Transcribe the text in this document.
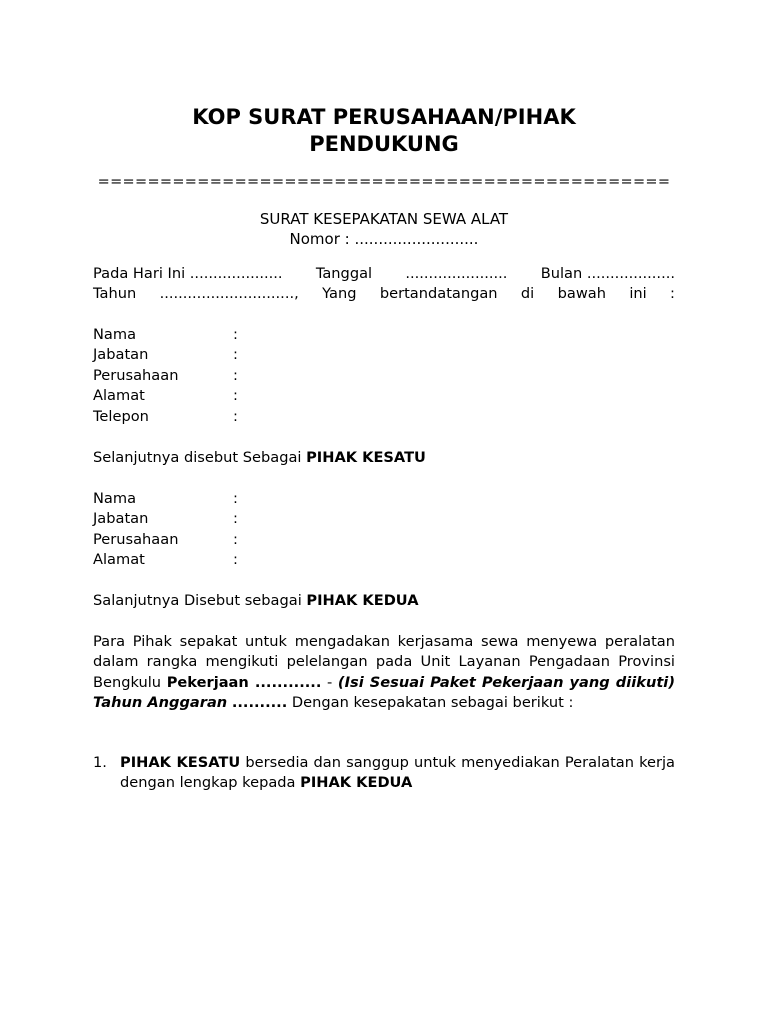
KOP SURAT PERUSAHAAN/PIHAK
PENDUKUNG
==============================================
SURAT KESEPAKATAN SEWA ALAT
Nomor : ..........................
Pada Hari Ini .................... Tanggal ...................... Bulan ...................
Tahun ............................., Yang bertandatangan di bawah ini :
Nama	:
Jabatan	:
Perusahaan	:
Alamat	:
Telepon	:
Selanjutnya disebut Sebagai PIHAK KESATU
Nama	:
Jabatan	:
Perusahaan	:
Alamat	:
Salanjutnya Disebut sebagai PIHAK KEDUA
Para Pihak sepakat untuk mengadakan kerjasama sewa menyewa peralatan dalam rangka mengikuti pelelangan pada Unit Layanan Pengadaan Provinsi Bengkulu Pekerjaan ............ - (Isi Sesuai Paket Pekerjaan yang diikuti) Tahun Anggaran .......... Dengan kesepakatan sebagai berikut :
1. PIHAK KESATU bersedia dan sanggup untuk menyediakan Peralatan kerja dengan lengkap kepada PIHAK KEDUA
